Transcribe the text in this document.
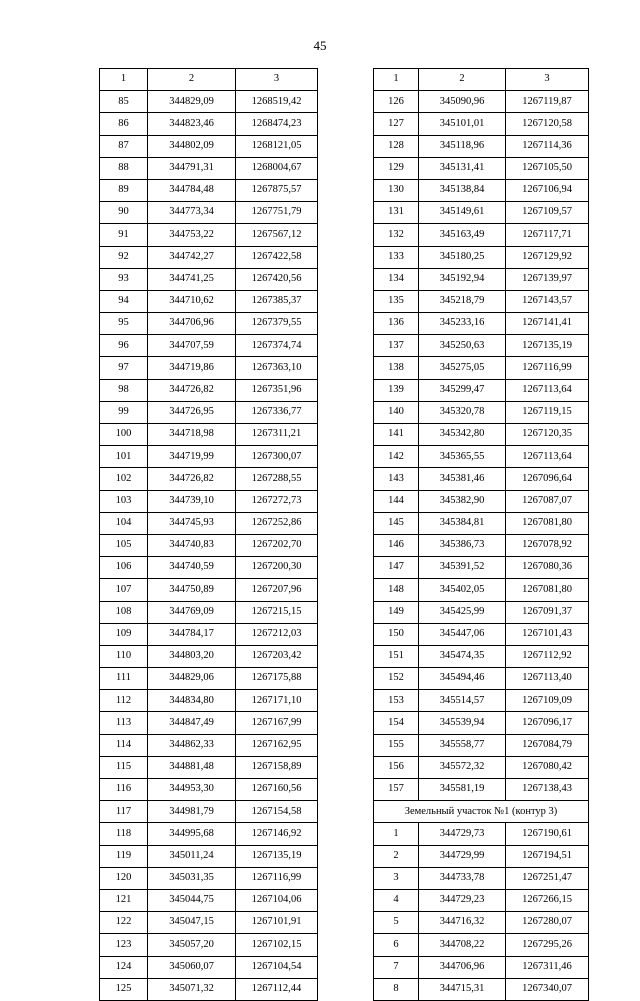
45
1	2	3
85	344829,09	1268519,42
86	344823,46	1268474,23
87	344802,09	1268121,05
88	344791,31	1268004,67
89	344784,48	1267875,57
90	344773,34	1267751,79
91	344753,22	1267567,12
92	344742,27	1267422,58
93	344741,25	1267420,56
94	344710,62	1267385,37
95	344706,96	1267379,55
96	344707,59	1267374,74
97	344719,86	1267363,10
98	344726,82	1267351,96
99	344726,95	1267336,77
100	344718,98	1267311,21
101	344719,99	1267300,07
102	344726,82	1267288,55
103	344739,10	1267272,73
104	344745,93	1267252,86
105	344740,83	1267202,70
106	344740,59	1267200,30
107	344750,89	1267207,96
108	344769,09	1267215,15
109	344784,17	1267212,03
110	344803,20	1267203,42
111	344829,06	1267175,88
112	344834,80	1267171,10
113	344847,49	1267167,99
114	344862,33	1267162,95
115	344881,48	1267158,89
116	344953,30	1267160,56
117	344981,79	1267154,58
118	344995,68	1267146,92
119	345011,24	1267135,19
120	345031,35	1267116,99
121	345044,75	1267104,06
122	345047,15	1267101,91
123	345057,20	1267102,15
124	345060,07	1267104,54
125	345071,32	1267112,44
1	2	3
126	345090,96	1267119,87
127	345101,01	1267120,58
128	345118,96	1267114,36
129	345131,41	1267105,50
130	345138,84	1267106,94
131	345149,61	1267109,57
132	345163,49	1267117,71
133	345180,25	1267129,92
134	345192,94	1267139,97
135	345218,79	1267143,57
136	345233,16	1267141,41
137	345250,63	1267135,19
138	345275,05	1267116,99
139	345299,47	1267113,64
140	345320,78	1267119,15
141	345342,80	1267120,35
142	345365,55	1267113,64
143	345381,46	1267096,64
144	345382,90	1267087,07
145	345384,81	1267081,80
146	345386,73	1267078,92
147	345391,52	1267080,36
148	345402,05	1267081,80
149	345425,99	1267091,37
150	345447,06	1267101,43
151	345474,35	1267112,92
152	345494,46	1267113,40
153	345514,57	1267109,09
154	345539,94	1267096,17
155	345558,77	1267084,79
156	345572,32	1267080,42
157	345581,19	1267138,43
Земельный участок №1 (контур 3)		
1	344729,73	1267190,61
2	344729,99	1267194,51
3	344733,78	1267251,47
4	344729,23	1267266,15
5	344716,32	1267280,07
6	344708,22	1267295,26
7	344706,96	1267311,46
8	344715,31	1267340,07
